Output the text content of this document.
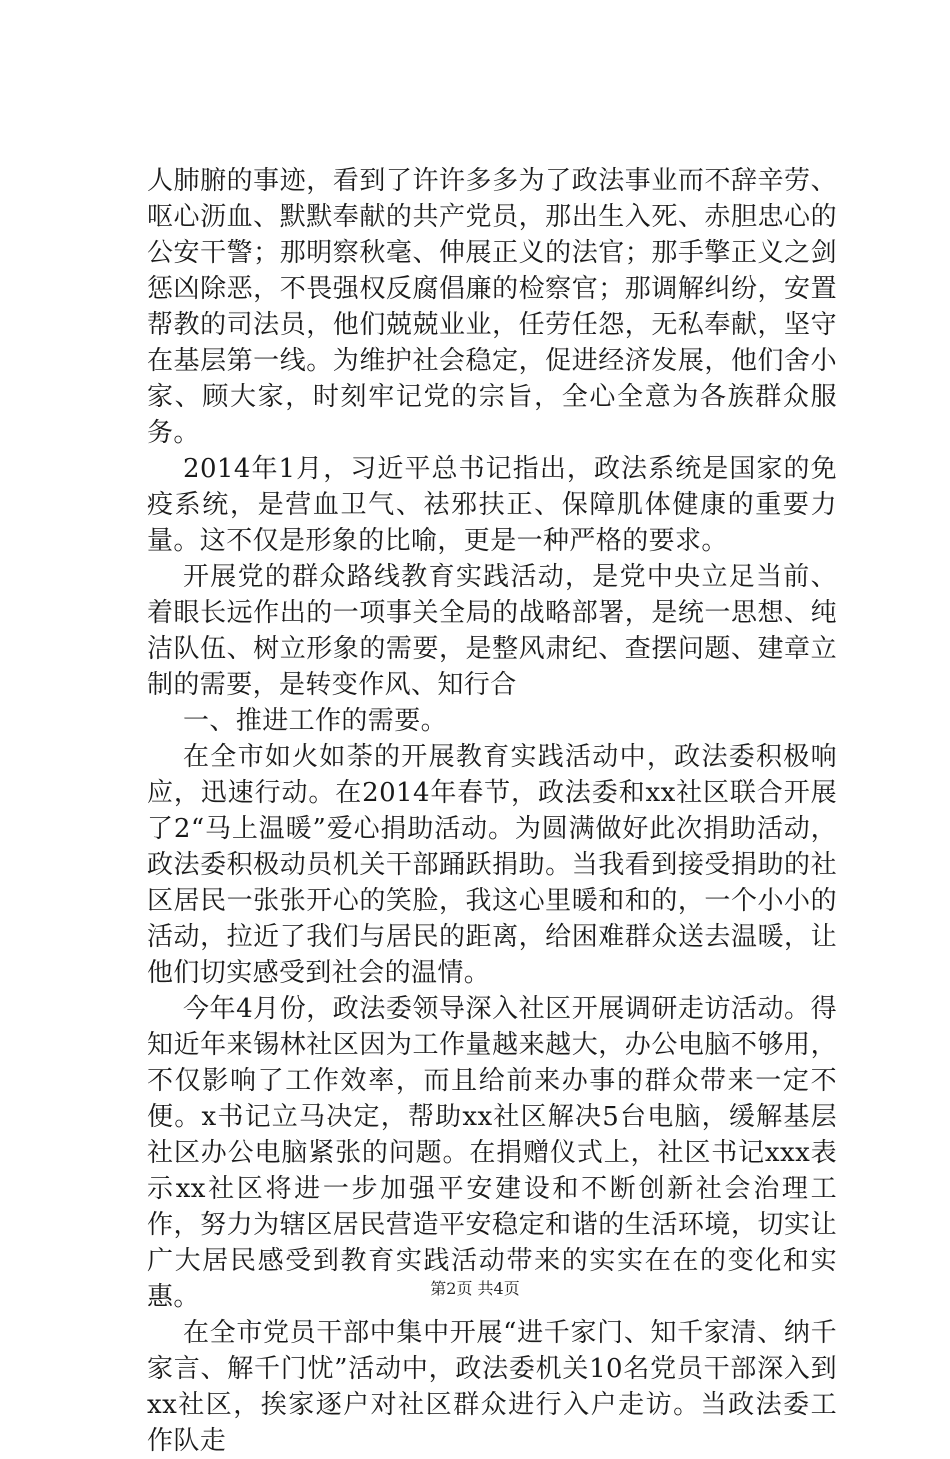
人肺腑的事迹，看到了许许多多为了政法事业而不辞辛劳、呕心沥血、默默奉献的共产党员，那出生入死、赤胆忠心的公安干警；那明察秋毫、伸展正义的法官；那手擎正义之剑惩凶除恶，不畏强权反腐倡廉的检察官；那调解纠纷，安置帮教的司法员，他们兢兢业业，任劳任怨，无私奉献，坚守在基层第一线。为维护社会稳定，促进经济发展，他们舍小家、顾大家，时刻牢记党的宗旨，全心全意为各族群众服务。

2014年1月，习近平总书记指出，政法系统是国家的免疫系统，是营血卫气、祛邪扶正、保障肌体健康的重要力量。这不仅是形象的比喻，更是一种严格的要求。

开展党的群众路线教育实践活动，是党中央立足当前、着眼长远作出的一项事关全局的战略部署，是统一思想、纯洁队伍、树立形象的需要，是整风肃纪、查摆问题、建章立制的需要，是转变作风、知行合

一、推进工作的需要。

在全市如火如荼的开展教育实践活动中，政法委积极响应，迅速行动。在2014年春节，政法委和xx社区联合开展了2“马上温暖”爱心捐助活动。为圆满做好此次捐助活动，政法委积极动员机关干部踊跃捐助。当我看到接受捐助的社区居民一张张开心的笑脸，我这心里暖和和的，一个小小的活动，拉近了我们与居民的距离，给困难群众送去温暖，让他们切实感受到社会的温情。

今年4月份，政法委领导深入社区开展调研走访活动。得知近年来锡林社区因为工作量越来越大，办公电脑不够用，不仅影响了工作效率，而且给前来办事的群众带来一定不便。x书记立马决定，帮助xx社区解决5台电脑，缓解基层社区办公电脑紧张的问题。在捐赠仪式上，社区书记xxx表示xx社区将进一步加强平安建设和不断创新社会治理工作，努力为辖区居民营造平安稳定和谐的生活环境，切实让广大居民感受到教育实践活动带来的实实在在的变化和实惠。

在全市党员干部中集中开展“进千家门、知千家清、纳千家言、解千门忧”活动中，政法委机关10名党员干部深入到xx社区，挨家逐户对社区群众进行入户走访。当政法委工作队走

第2页 共4页
